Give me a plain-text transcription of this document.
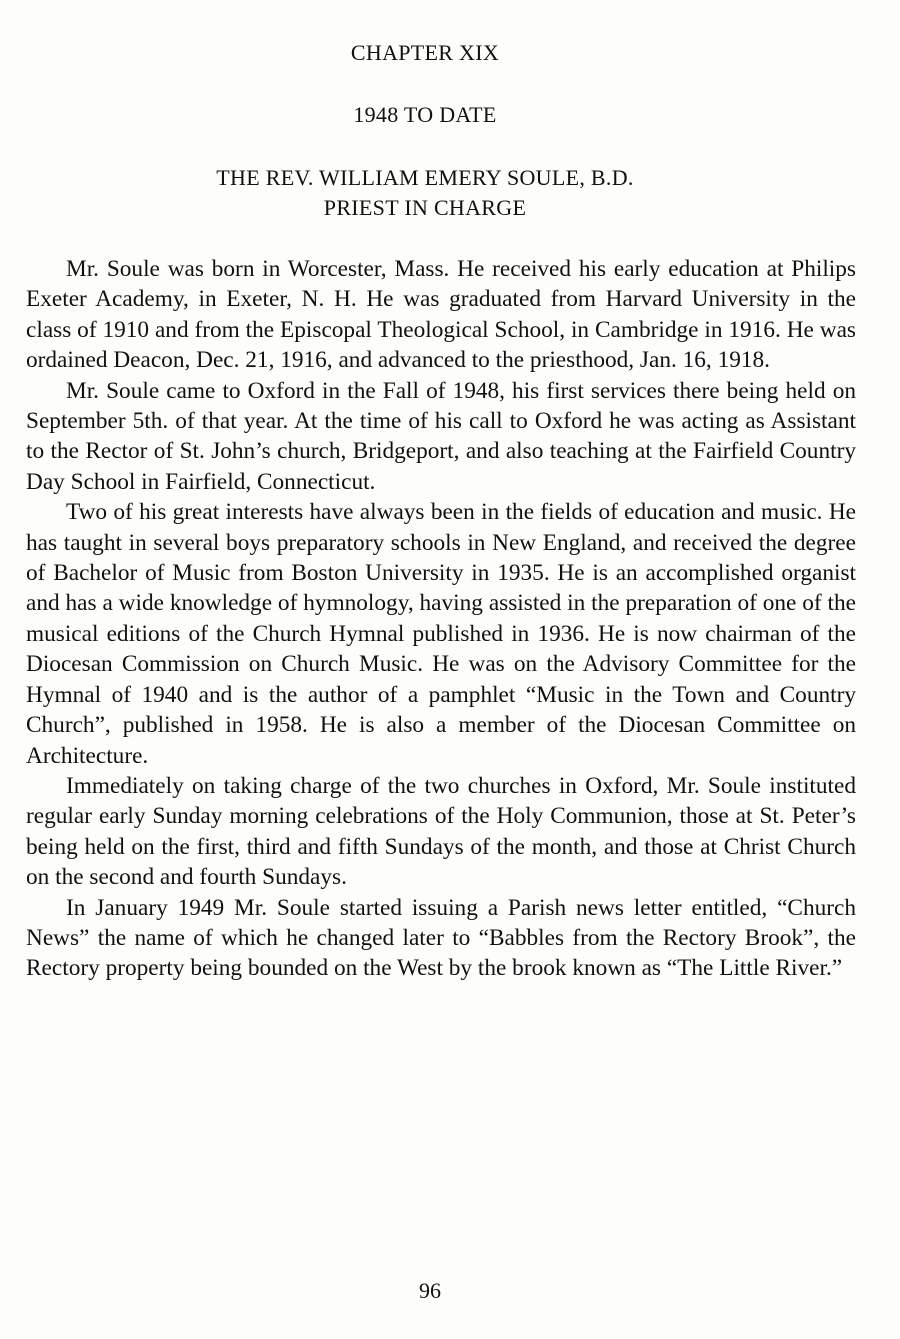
CHAPTER XIX
1948 TO DATE
THE REV. WILLIAM EMERY SOULE, B.D.
PRIEST IN CHARGE

Mr. Soule was born in Worcester, Mass. He received his early education at Philips Exeter Academy, in Exeter, N. H. He was graduated from Harvard University in the class of 1910 and from the Episcopal Theological School, in Cambridge in 1916. He was ordained Deacon, Dec. 21, 1916, and advanced to the priesthood, Jan. 16, 1918.

Mr. Soule came to Oxford in the Fall of 1948, his first services there being held on September 5th. of that year. At the time of his call to Oxford he was acting as Assistant to the Rector of St. John’s church, Bridgeport, and also teaching at the Fairfield Country Day School in Fairfield, Connecticut.

Two of his great interests have always been in the fields of education and music. He has taught in several boys preparatory schools in New England, and received the degree of Bachelor of Music from Boston University in 1935. He is an accomplished organist and has a wide knowledge of hymnology, having assisted in the preparation of one of the musical editions of the Church Hymnal published in 1936. He is now chairman of the Diocesan Commission on Church Music. He was on the Advisory Committee for the Hymnal of 1940 and is the author of a pamphlet “Music in the Town and Country Church”, published in 1958. He is also a member of the Diocesan Committee on Architecture.

Immediately on taking charge of the two churches in Oxford, Mr. Soule instituted regular early Sunday morning celebrations of the Holy Communion, those at St. Peter’s being held on the first, third and fifth Sundays of the month, and those at Christ Church on the second and fourth Sundays.

In January 1949 Mr. Soule started issuing a Parish news letter entitled, “Church News” the name of which he changed later to “Babbles from the Rectory Brook”, the Rectory property being bounded on the West by the brook known as “The Little River.”

96
